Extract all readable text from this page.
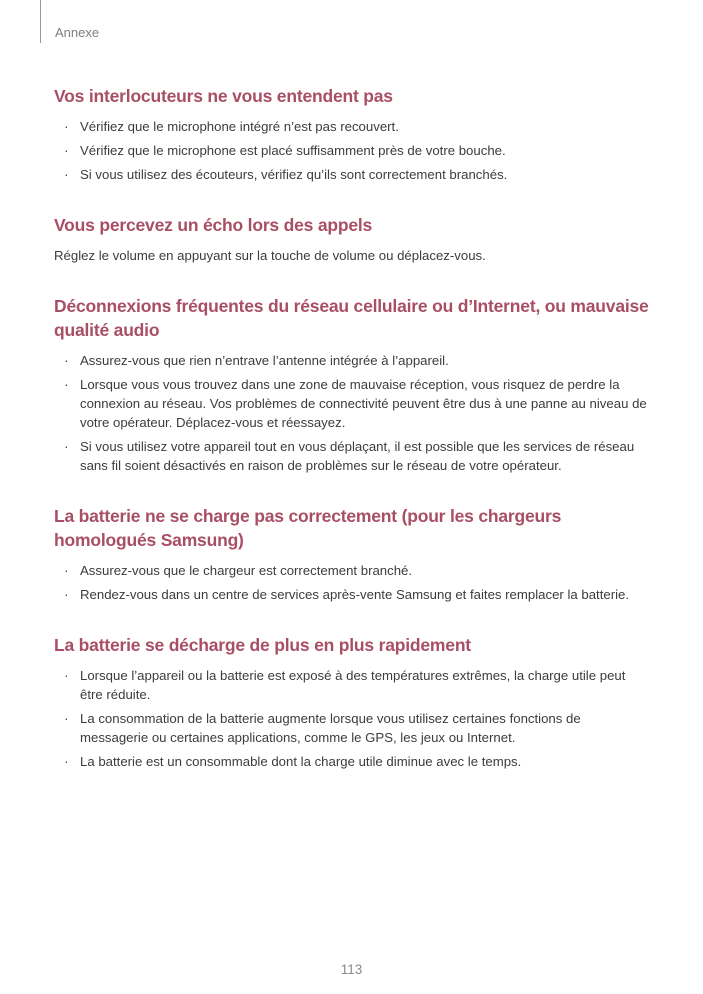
Annexe
Vos interlocuteurs ne vous entendent pas
· Vérifiez que le microphone intégré n’est pas recouvert.
· Vérifiez que le microphone est placé suffisamment près de votre bouche.
· Si vous utilisez des écouteurs, vérifiez qu’ils sont correctement branchés.
Vous percevez un écho lors des appels

Réglez le volume en appuyant sur la touche de volume ou déplacez-vous.

Déconnexions fréquentes du réseau cellulaire ou d’Internet, ou mauvaise qualité audio
· Assurez-vous que rien n’entrave l’antenne intégrée à l’appareil.
· Lorsque vous vous trouvez dans une zone de mauvaise réception, vous risquez de perdre la connexion au réseau. Vos problèmes de connectivité peuvent être dus à une panne au niveau de votre opérateur. Déplacez-vous et réessayez.
· Si vous utilisez votre appareil tout en vous déplaçant, il est possible que les services de réseau sans fil soient désactivés en raison de problèmes sur le réseau de votre opérateur.
La batterie ne se charge pas correctement (pour les chargeurs homologués Samsung)
· Assurez-vous que le chargeur est correctement branché.
· Rendez-vous dans un centre de services après-vente Samsung et faites remplacer la batterie.
La batterie se décharge de plus en plus rapidement
· Lorsque l’appareil ou la batterie est exposé à des températures extrêmes, la charge utile peut être réduite.
· La consommation de la batterie augmente lorsque vous utilisez certaines fonctions de messagerie ou certaines applications, comme le GPS, les jeux ou Internet.
· La batterie est un consommable dont la charge utile diminue avec le temps.
113
